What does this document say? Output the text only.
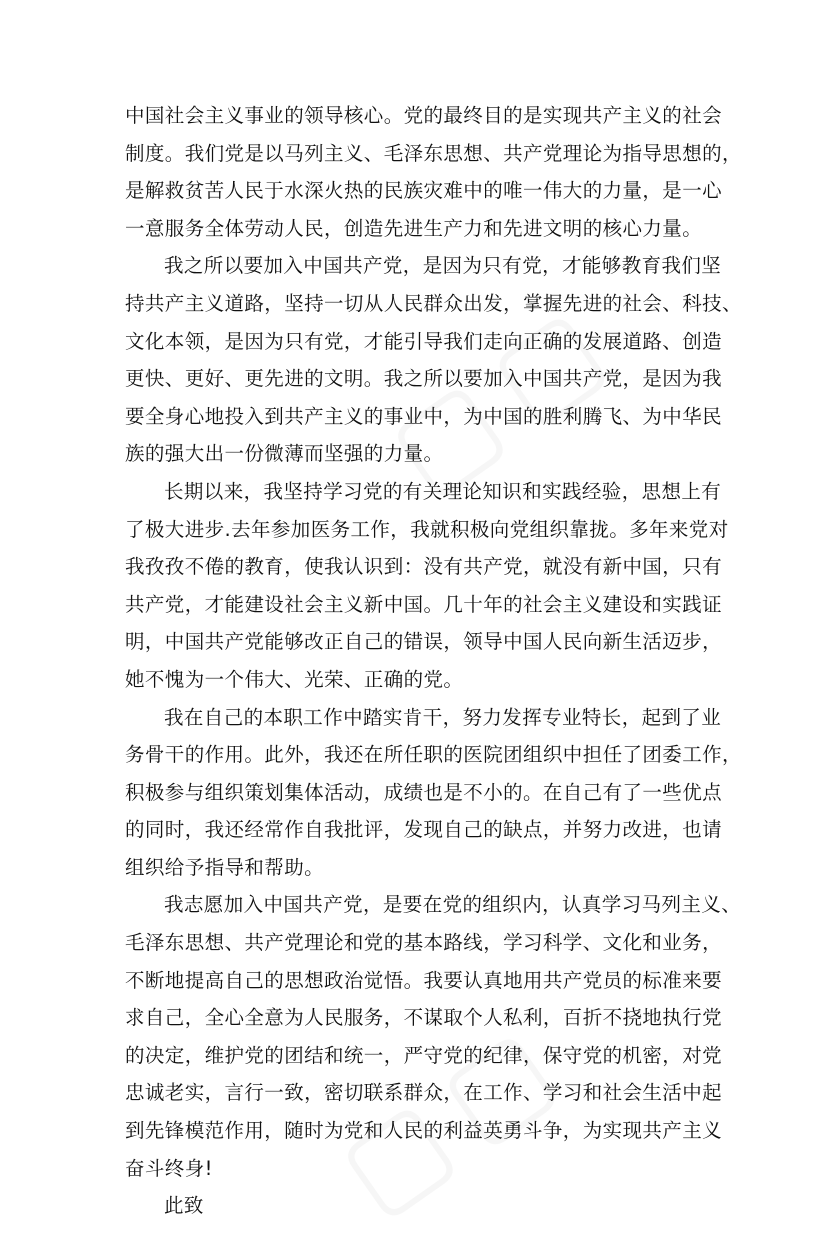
中国社会主义事业的领导核心。党的最终目的是实现共产主义的社会
制度。我们党是以马列主义、毛泽东思想、共产党理论为指导思想的，
是解救贫苦人民于水深火热的民族灾难中的唯一伟大的力量，是一心
一意服务全体劳动人民，创造先进生产力和先进文明的核心力量。
我之所以要加入中国共产党，是因为只有党，才能够教育我们坚
持共产主义道路，坚持一切从人民群众出发，掌握先进的社会、科技、
文化本领，是因为只有党，才能引导我们走向正确的发展道路、创造
更快、更好、更先进的文明。我之所以要加入中国共产党，是因为我
要全身心地投入到共产主义的事业中，为中国的胜利腾飞、为中华民
族的强大出一份微薄而坚强的力量。
长期以来，我坚持学习党的有关理论知识和实践经验，思想上有
了极大进步.去年参加医务工作，我就积极向党组织靠拢。多年来党对
我孜孜不倦的教育，使我认识到：没有共产党，就没有新中国，只有
共产党，才能建设社会主义新中国。几十年的社会主义建设和实践证
明，中国共产党能够改正自己的错误，领导中国人民向新生活迈步，
她不愧为一个伟大、光荣、正确的党。
我在自己的本职工作中踏实肯干，努力发挥专业特长，起到了业
务骨干的作用。此外，我还在所任职的医院团组织中担任了团委工作，
积极参与组织策划集体活动，成绩也是不小的。在自己有了一些优点
的同时，我还经常作自我批评，发现自己的缺点，并努力改进，也请
组织给予指导和帮助。
我志愿加入中国共产党，是要在党的组织内，认真学习马列主义、
毛泽东思想、共产党理论和党的基本路线，学习科学、文化和业务，
不断地提高自己的思想政治觉悟。我要认真地用共产党员的标准来要
求自己，全心全意为人民服务，不谋取个人私利，百折不挠地执行党
的决定，维护党的团结和统一，严守党的纪律，保守党的机密，对党
忠诚老实，言行一致，密切联系群众，在工作、学习和社会生活中起
到先锋模范作用，随时为党和人民的利益英勇斗争，为实现共产主义
奋斗终身!
此致
